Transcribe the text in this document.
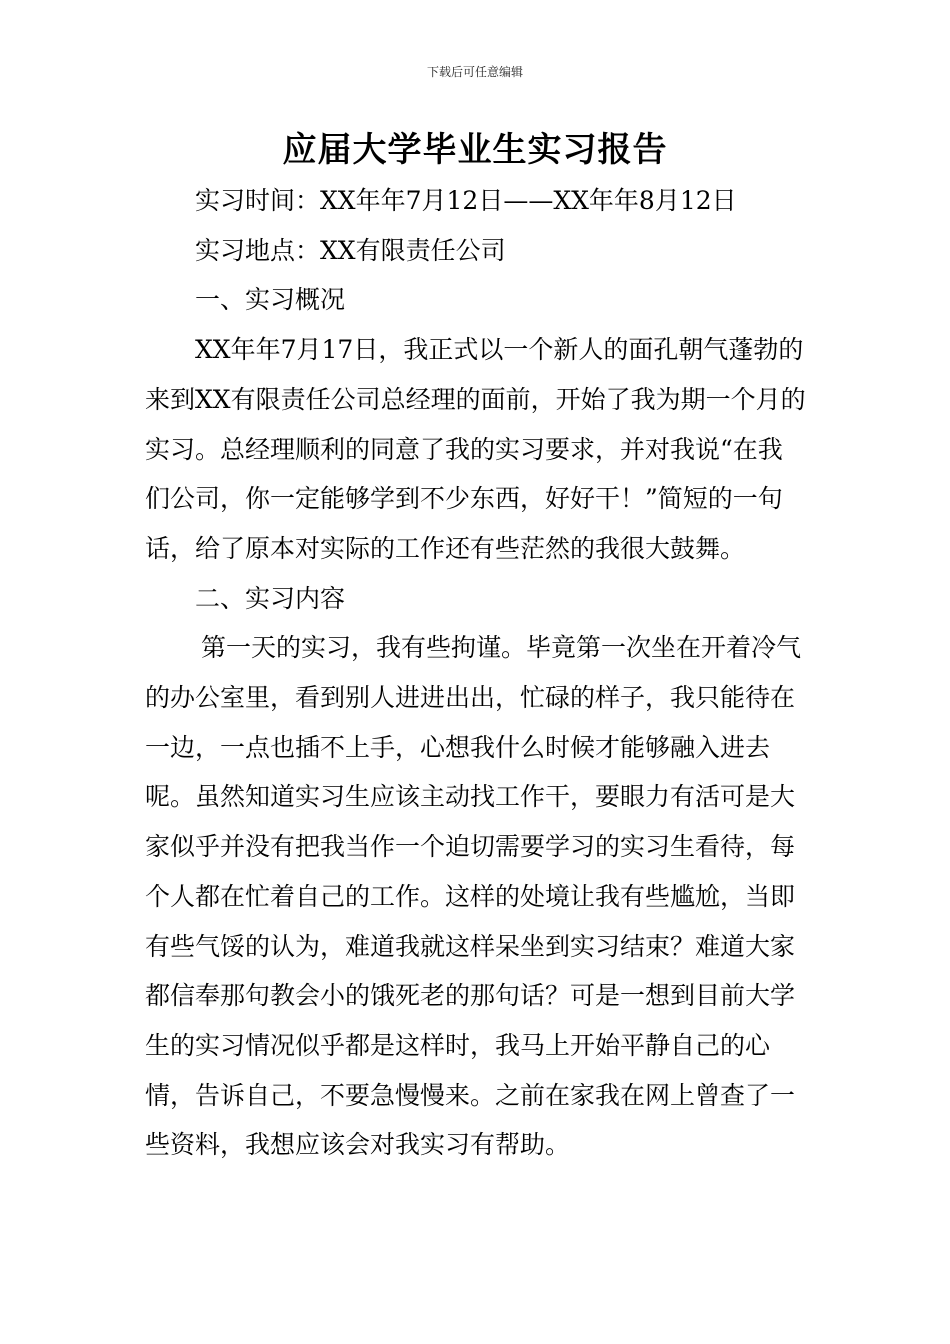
下载后可任意编辑
应届大学毕业生实习报告

实习时间：XX年年7月12日——XX年年8月12日

实习地点：XX有限责任公司

一、实习概况

XX年年7月17日，我正式以一个新人的面孔朝气蓬勃的来到XX有限责任公司总经理的面前，开始了我为期一个月的实习。总经理顺利的同意了我的实习要求，并对我说“在我们公司，你一定能够学到不少东西，好好干！”简短的一句话，给了原本对实际的工作还有些茫然的我很大鼓舞。

二、实习内容

第一天的实习，我有些拘谨。毕竟第一次坐在开着冷气的办公室里，看到别人进进出出，忙碌的样子，我只能待在一边，一点也插不上手，心想我什么时候才能够融入进去呢。虽然知道实习生应该主动找工作干，要眼力有活可是大家似乎并没有把我当作一个迫切需要学习的实习生看待，每个人都在忙着自己的工作。这样的处境让我有些尴尬，当即有些气馁的认为，难道我就这样呆坐到实习结束？难道大家都信奉那句教会小的饿死老的那句话？可是一想到目前大学生的实习情况似乎都是这样时，我马上开始平静自己的心情，告诉自己，不要急慢慢来。之前在家我在网上曾查了一些资料，我想应该会对我实习有帮助。
